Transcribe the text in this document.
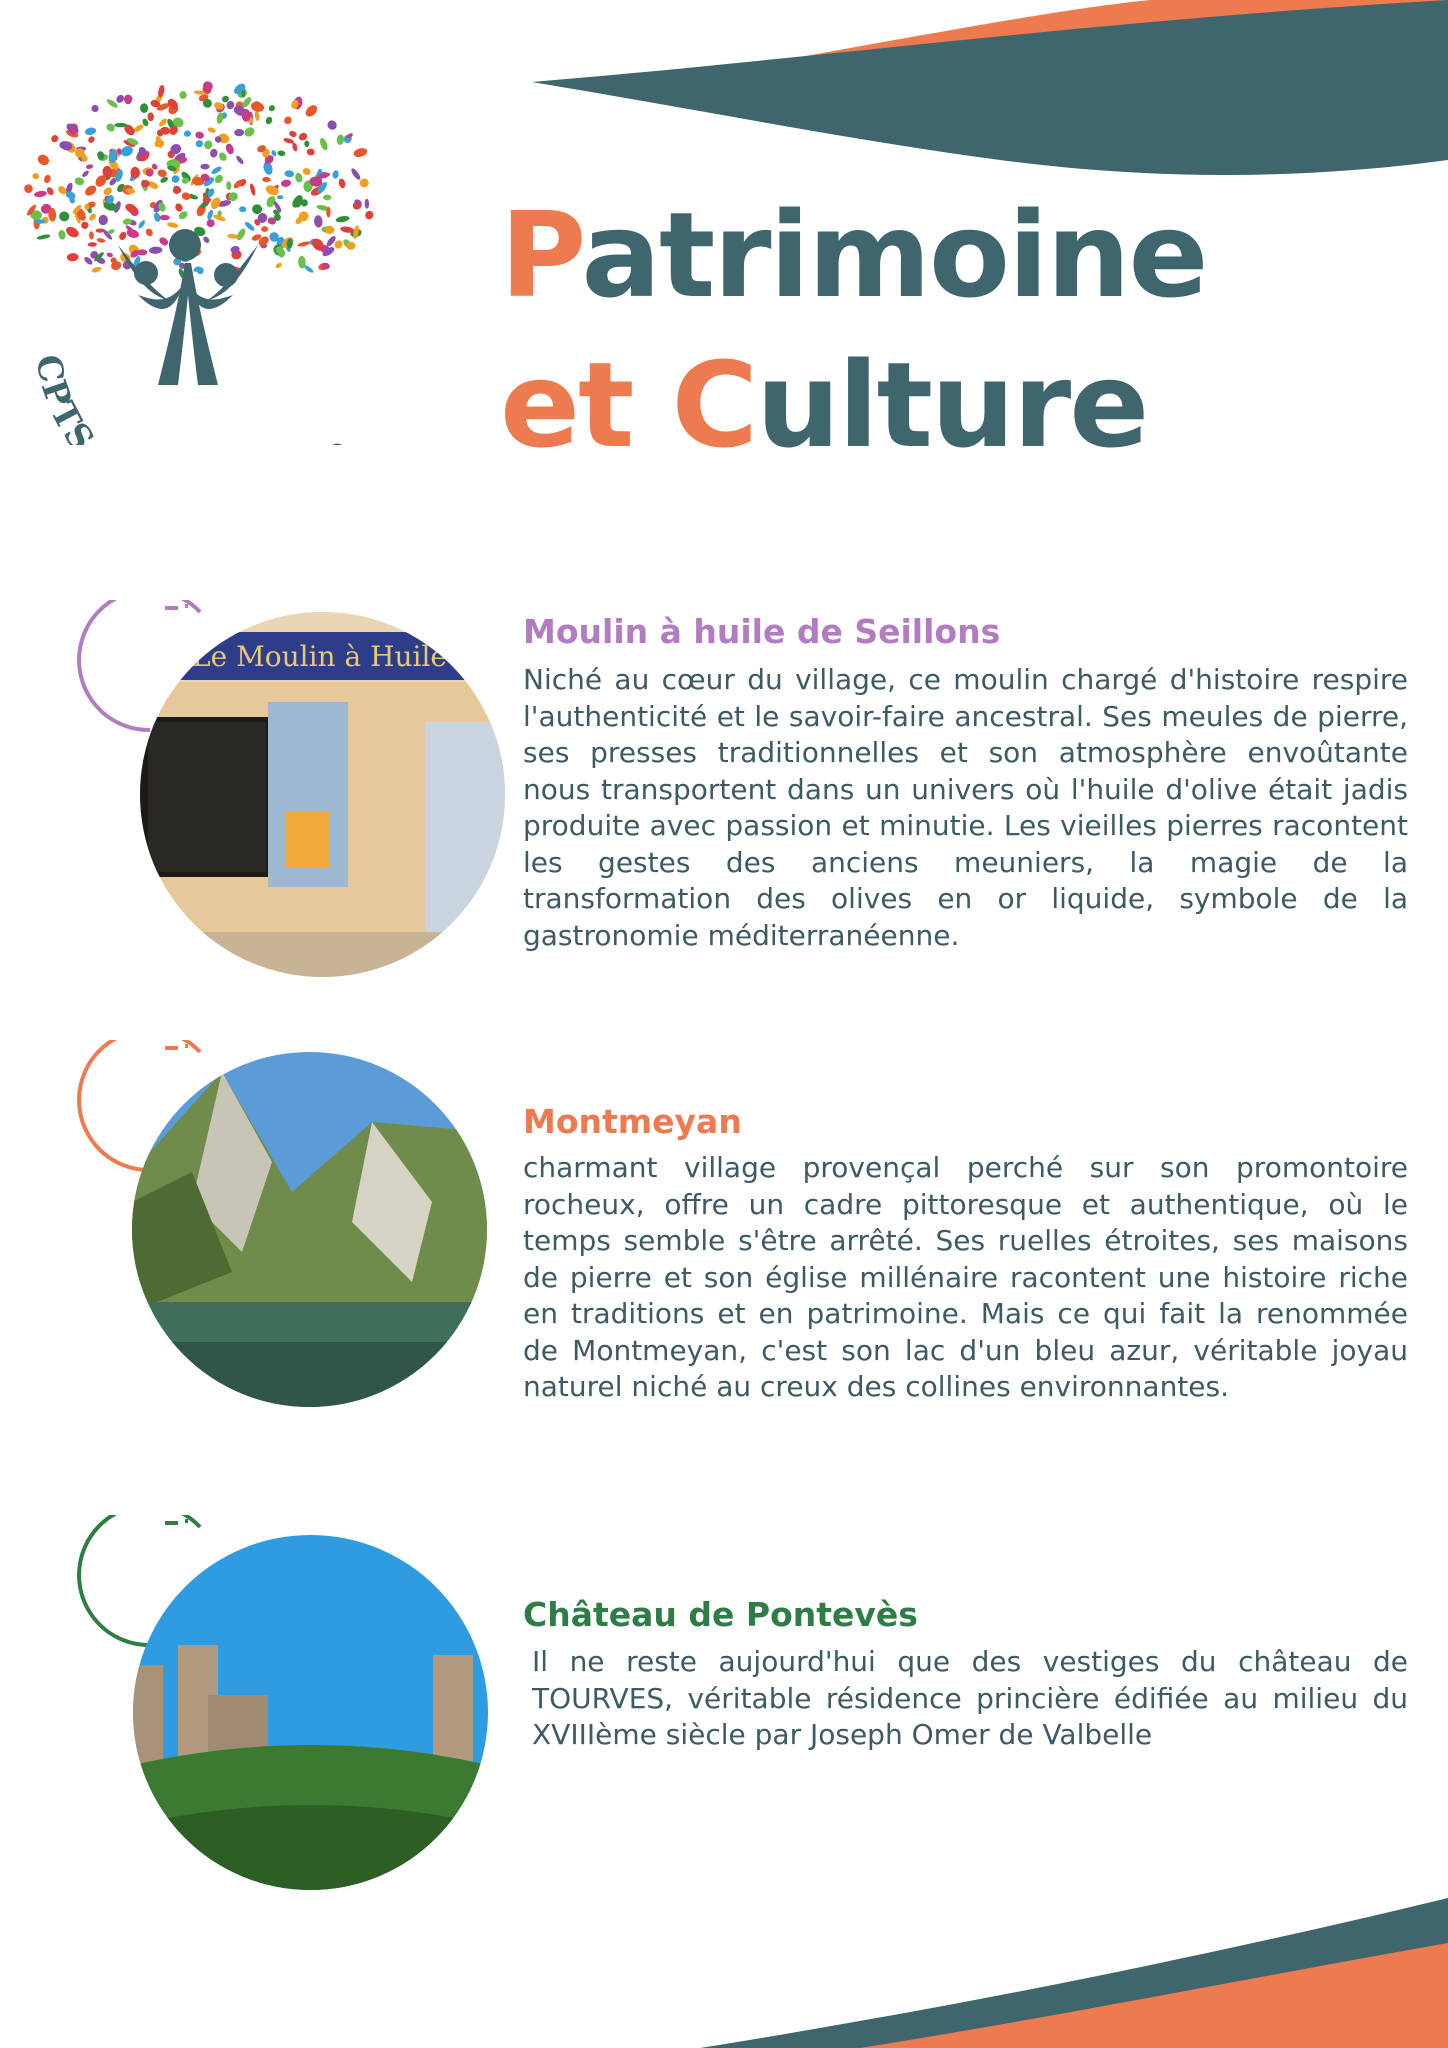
CPTS
Patrimoine
et Culture
Le Moulin à Huile
Moulin à huile de Seillons

Niché au cœur du village, ce moulin chargé d'histoire respire l'authenticité et le savoir-faire ancestral. Ses meules de pierre, ses presses traditionnelles et son atmosphère envoûtante nous transportent dans un univers où l'huile d'olive était jadis produite avec passion et minutie. Les vieilles pierres racontent les gestes des anciens meuniers, la magie de la transformation des olives en or liquide, symbole de la gastronomie méditerranéenne.

Montmeyan

charmant village provençal perché sur son promontoire rocheux, offre un cadre pittoresque et authentique, où le temps semble s'être arrêté. Ses ruelles étroites, ses maisons de pierre et son église millénaire racontent une histoire riche en traditions et en patrimoine. Mais ce qui fait la renommée de Montmeyan, c'est son lac d'un bleu azur, véritable joyau naturel niché au creux des collines environnantes.

Château de Pontevès

Il ne reste aujourd'hui que des vestiges du château de TOURVES, véritable résidence princière édifiée au milieu du XVIIIème siècle par Joseph Omer de Valbelle
